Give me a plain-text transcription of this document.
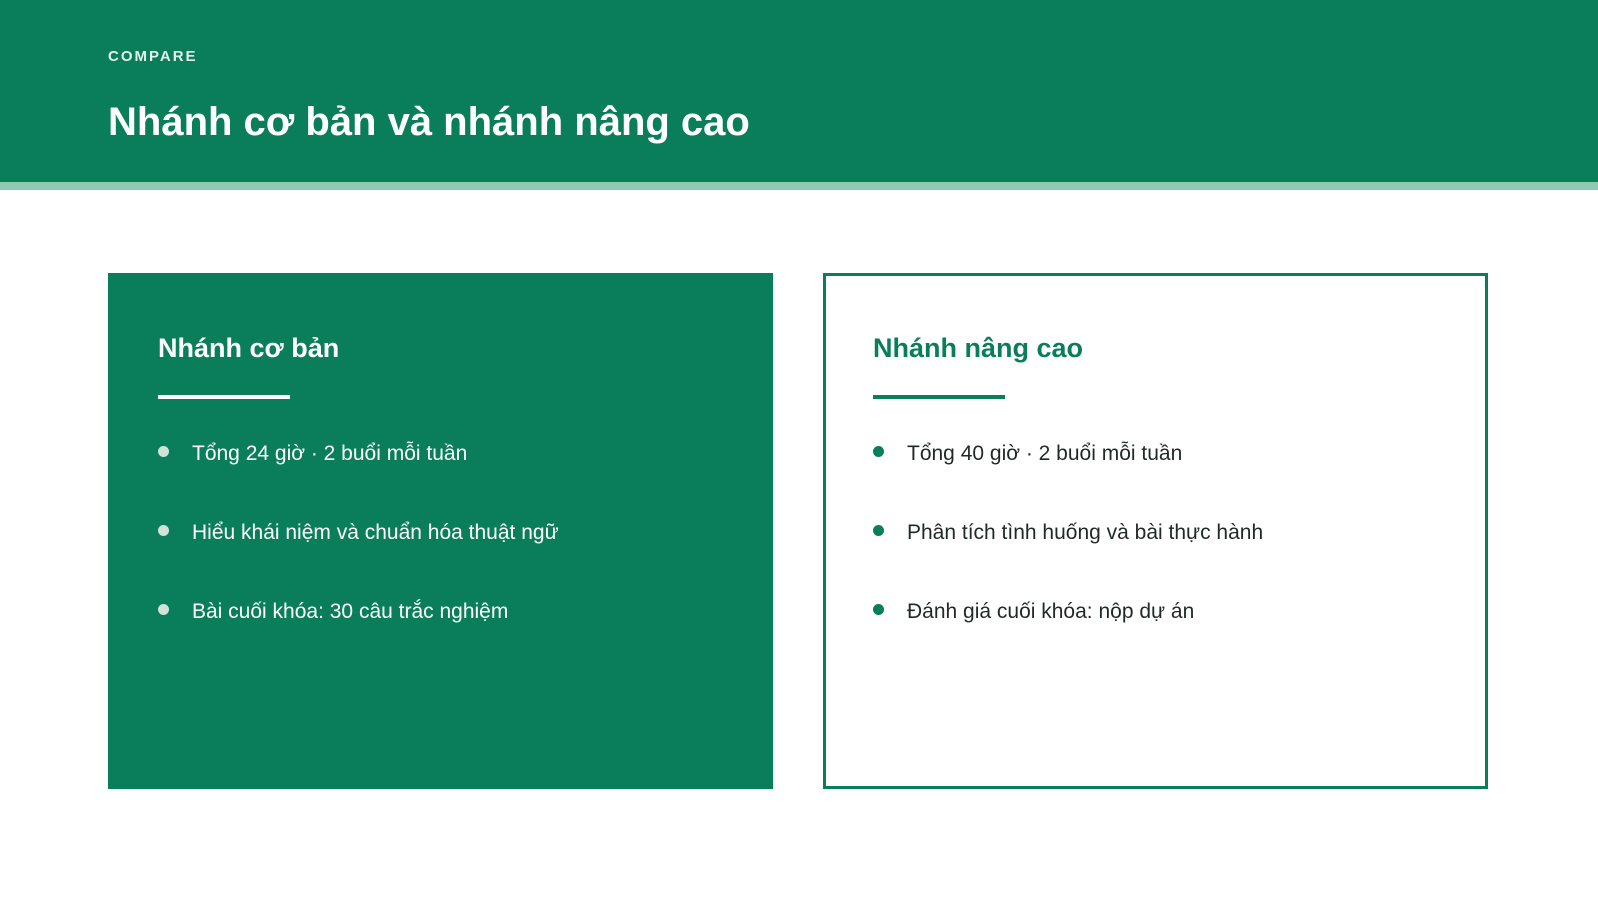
COMPARE
Nhánh cơ bản và nhánh nâng cao
Nhánh cơ bản
Tổng 24 giờ · 2 buổi mỗi tuần
Hiểu khái niệm và chuẩn hóa thuật ngữ
Bài cuối khóa: 30 câu trắc nghiệm
Nhánh nâng cao
Tổng 40 giờ · 2 buổi mỗi tuần
Phân tích tình huống và bài thực hành
Đánh giá cuối khóa: nộp dự án
